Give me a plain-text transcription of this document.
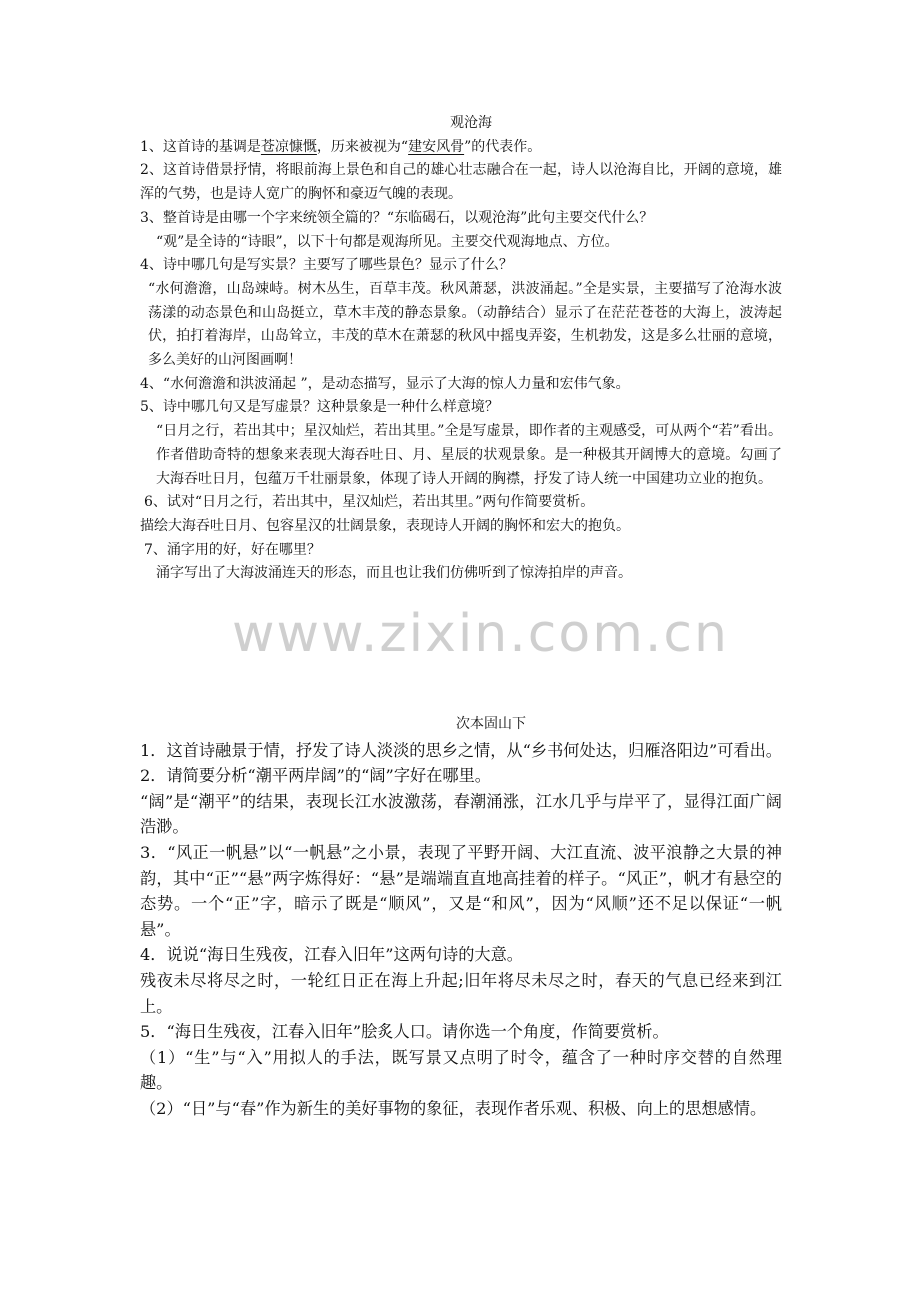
观沧海

1、这首诗的基调是苍凉慷慨，历来被视为“建安风骨”的代表作。

2、这首诗借景抒情，将眼前海上景色和自己的雄心壮志融合在一起，诗人以沧海自比，开阔的意境，雄浑的气势，也是诗人宽广的胸怀和豪迈气魄的表现。

3、整首诗是由哪一个字来统领全篇的？“东临碣石，以观沧海”此句主要交代什么？

“观”是全诗的“诗眼”，以下十句都是观海所见。主要交代观海地点、方位。

4、诗中哪几句是写实景？主要写了哪些景色？显示了什么？

“水何澹澹，山岛竦峙。树木丛生，百草丰茂。秋风萧瑟，洪波涌起。”全是实景，主要描写了沧海水波荡漾的动态景色和山岛挺立，草木丰茂的静态景象。（动静结合）显示了在茫茫苍苍的大海上，波涛起伏，拍打着海岸，山岛耸立，丰茂的草木在萧瑟的秋风中摇曳弄姿，生机勃发，这是多么壮丽的意境，多么美好的山河图画啊！

4、“水何澹澹和洪波涌起 ”，是动态描写，显示了大海的惊人力量和宏伟气象。

5、诗中哪几句又是写虚景？这种景象是一种什么样意境？

“日月之行，若出其中；星汉灿烂，若出其里。”全是写虚景，即作者的主观感受，可从两个“若”看出。作者借助奇特的想象来表现大海吞吐日、月、星辰的状观景象。是一种极其开阔博大的意境。勾画了大海吞吐日月，包蕴万千壮丽景象，体现了诗人开阔的胸襟，抒发了诗人统一中国建功立业的抱负。

6、试对“日月之行，若出其中，星汉灿烂，若出其里。”两句作简要赏析。

描绘大海吞吐日月、包容星汉的壮阔景象，表现诗人开阔的胸怀和宏大的抱负。

7、涌字用的好，好在哪里？

涌字写出了大海波涌连天的形态，而且也让我们仿佛听到了惊涛拍岸的声音。

www.zixin.com.cn

次本固山下

1．这首诗融景于情，抒发了诗人淡淡的思乡之情，从“乡书何处达，归雁洛阳边”可看出。

2．请简要分析“潮平两岸阔”的“阔”字好在哪里。

“阔”是“潮平”的结果，表现长江水波激荡，春潮涌涨，江水几乎与岸平了，显得江面广阔浩渺。

3．“风正一帆悬”以“一帆悬”之小景，表现了平野开阔、大江直流、波平浪静之大景的神韵，其中“正”“悬”两字炼得好：“悬”是端端直直地高挂着的样子。“风正”，帆才有悬空的态势。一个“正”字，暗示了既是“顺风”，又是“和风”，因为“风顺”还不足以保证“一帆悬”。

4．说说“海日生残夜，江春入旧年”这两句诗的大意。

残夜未尽将尽之时，一轮红日正在海上升起;旧年将尽未尽之时，春天的气息已经来到江上。

5．“海日生残夜，江春入旧年”脍炙人口。请你选一个角度，作简要赏析。

（1）“生”与“入”用拟人的手法，既写景又点明了时令，蕴含了一种时序交替的自然理趣。

（2）“日”与“春”作为新生的美好事物的象征，表现作者乐观、积极、向上的思想感情。
